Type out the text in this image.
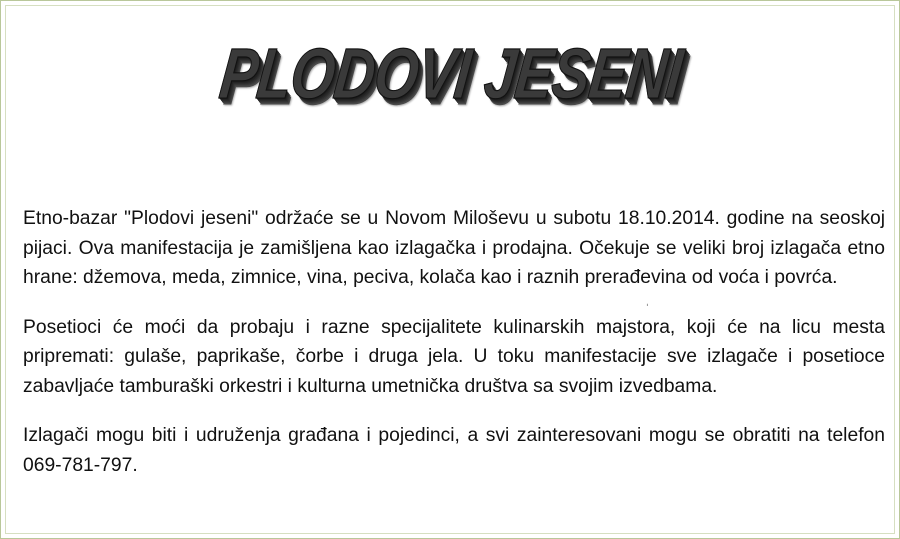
PLODOVI JESENI

Etno-bazar "Plodovi jeseni" održaće se u Novom Miloševu u subotu 18.10.2014. godine na seoskoj pijaci. Ova manifestacija je zamišljena kao izlagačka i prodajna. Očekuje se veliki broj izlagača etno hrane: džemova, meda, zimnice, vina, peciva, kolača kao i raznih prerađevina od voća i povrća.

Posetioci će moći da probaju i razne specijalitete kulinarskih majstora, koji će na licu mesta pripremati: gulaše, paprikaše, čorbe i druga jela. U toku manifestacije sve izlagače i posetioce zabavljaće tamburaški orkestri i kulturna umetnička društva sa svojim izvedbama.

Izlagači mogu biti i udruženja građana i pojedinci, a svi zainteresovani mogu se obratiti na telefon 069-781-797.

ˈ
